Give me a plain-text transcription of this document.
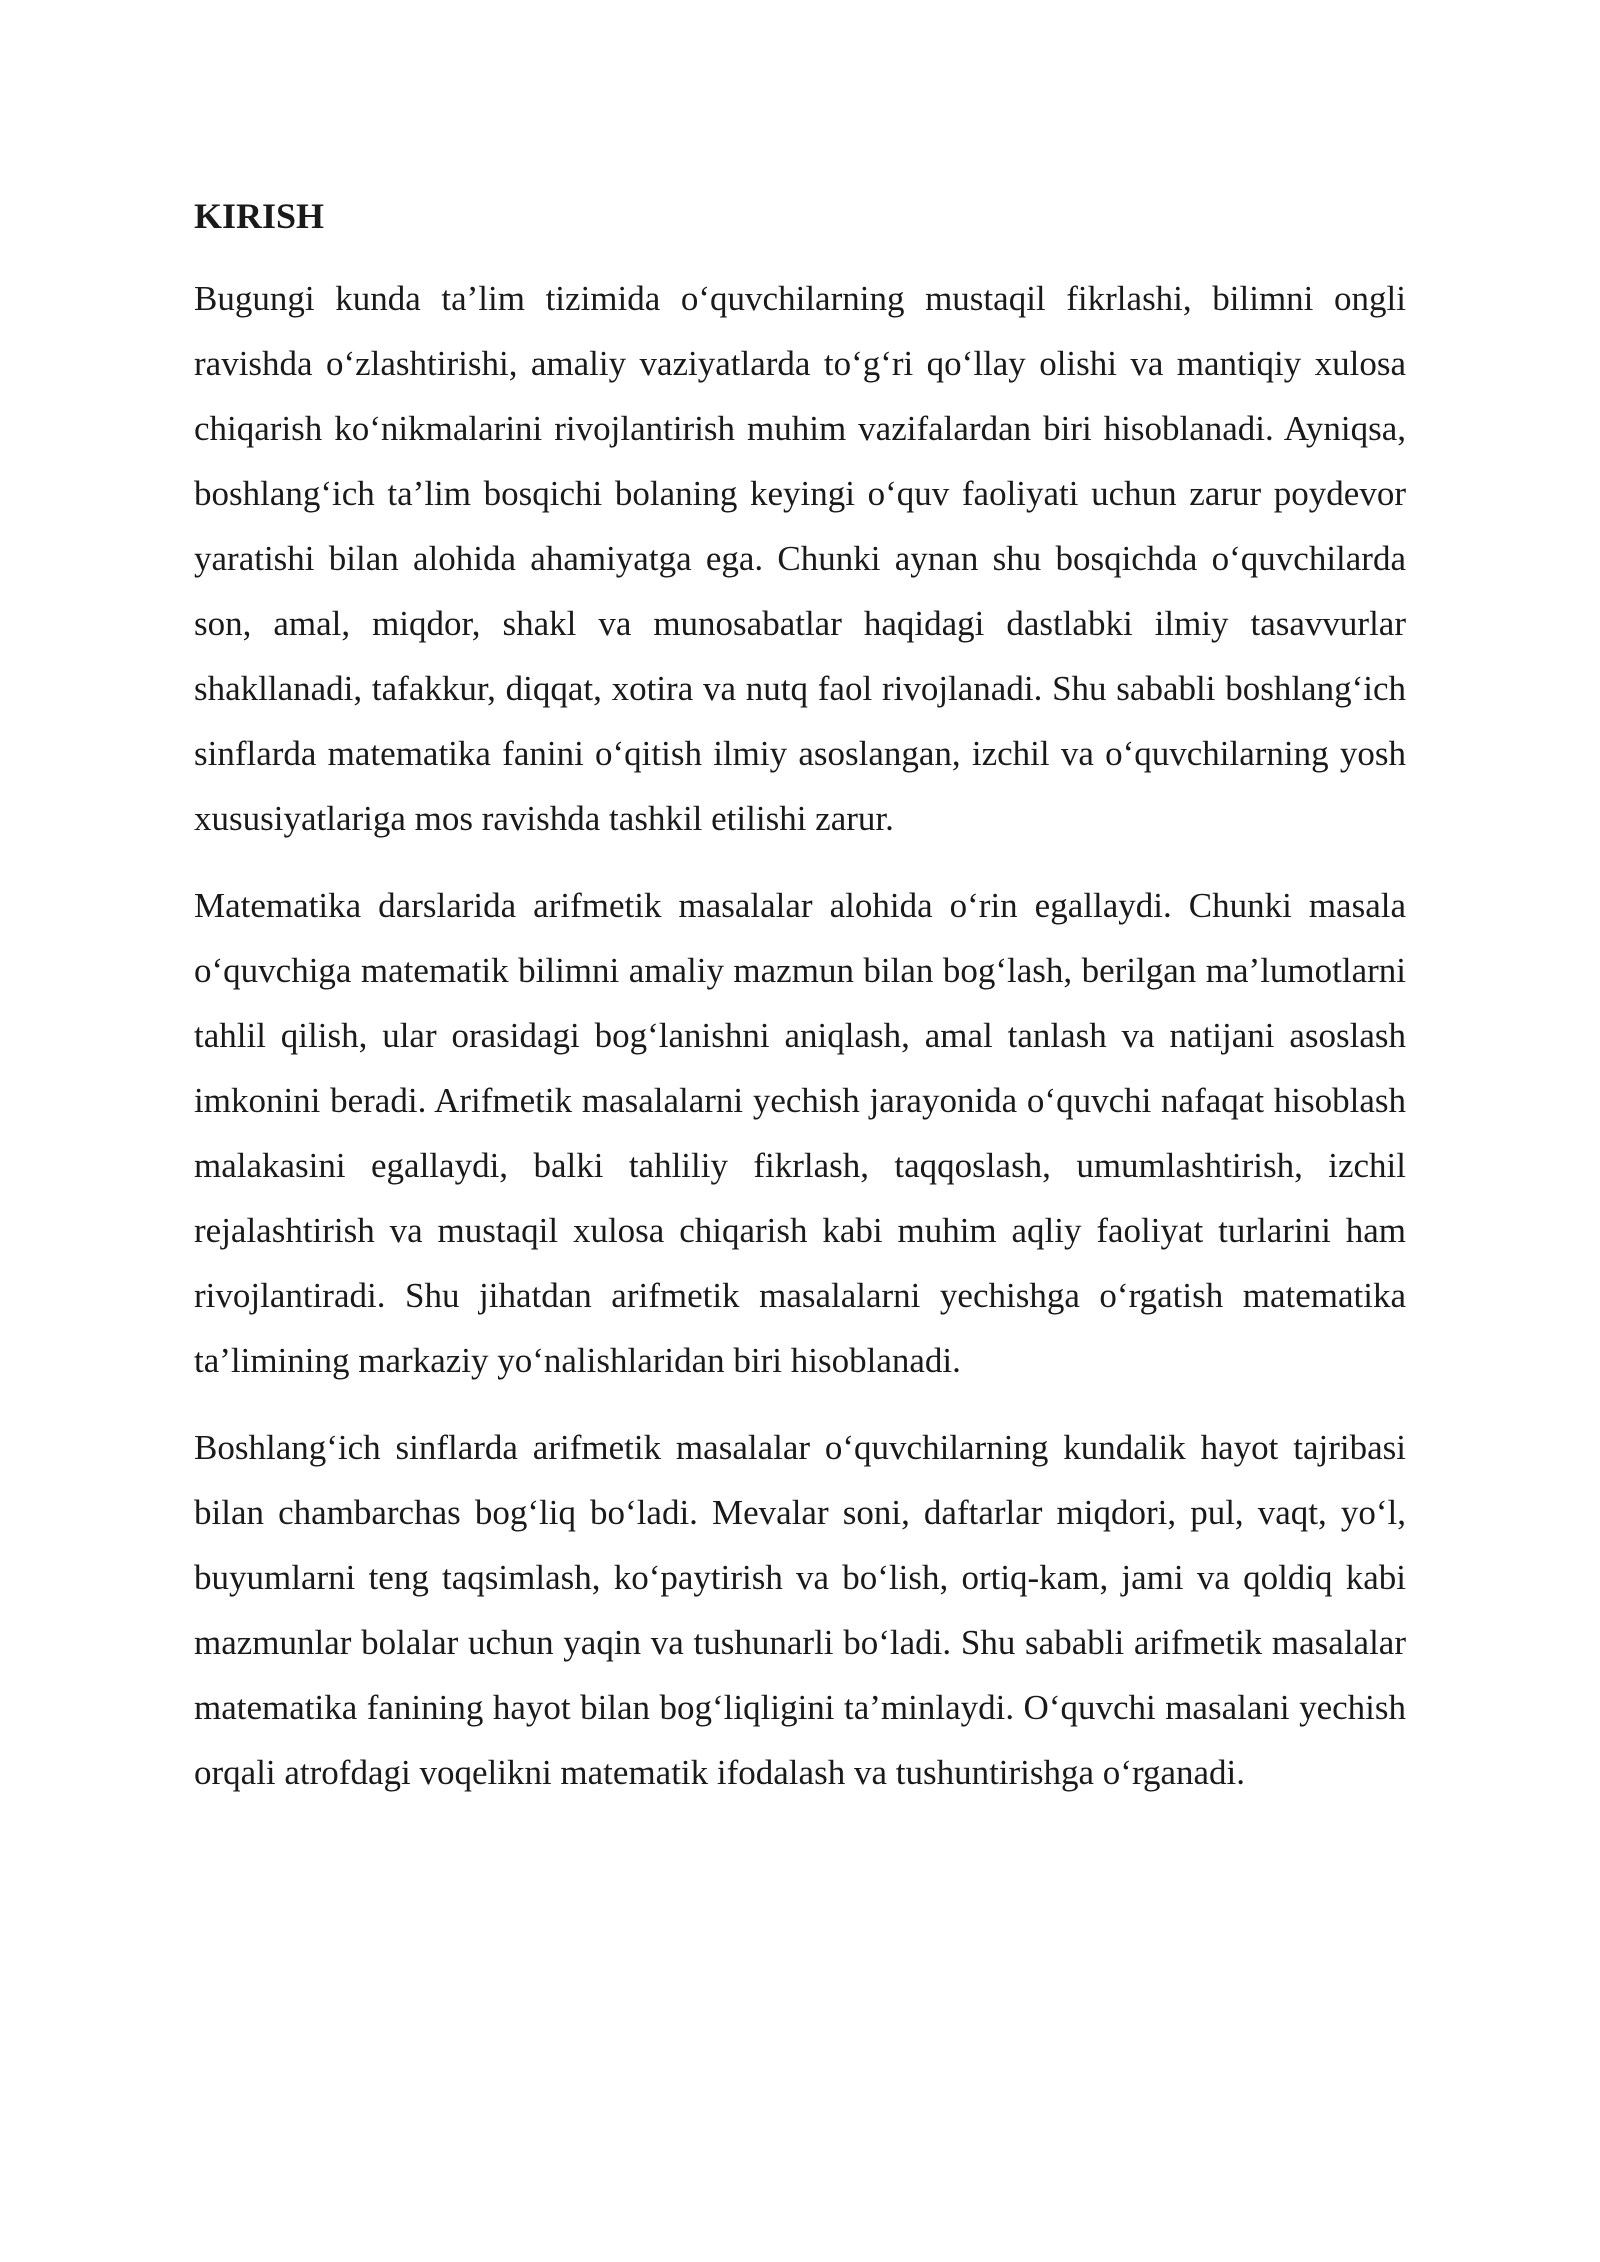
KIRISH

Bugungi kunda ta’lim tizimida o‘quvchilarning mustaqil fikrlashi, bilimni ongli ravishda o‘zlashtirishi, amaliy vaziyatlarda to‘g‘ri qo‘llay olishi va mantiqiy xulosa chiqarish ko‘nikmalarini rivojlantirish muhim vazifalardan biri hisoblanadi. Ayniqsa, boshlang‘ich ta’lim bosqichi bolaning keyingi o‘quv faoliyati uchun zarur poydevor yaratishi bilan alohida ahamiyatga ega. Chunki aynan shu bosqichda o‘quvchilarda son, amal, miqdor, shakl va munosabatlar haqidagi dastlabki ilmiy tasavvurlar shakllanadi, tafakkur, diqqat, xotira va nutq faol rivojlanadi. Shu sababli boshlang‘ich sinflarda matematika fanini o‘qitish ilmiy asoslangan, izchil va o‘quvchilarning yosh xususiyatlariga mos ravishda tashkil etilishi zarur.

Matematika darslarida arifmetik masalalar alohida o‘rin egallaydi. Chunki masala o‘quvchiga matematik bilimni amaliy mazmun bilan bog‘lash, berilgan ma’lumotlarni tahlil qilish, ular orasidagi bog‘lanishni aniqlash, amal tanlash va natijani asoslash imkonini beradi. Arifmetik masalalarni yechish jarayonida o‘quvchi nafaqat hisoblash malakasini egallaydi, balki tahliliy fikrlash, taqqoslash, umumlashtirish, izchil rejalashtirish va mustaqil xulosa chiqarish kabi muhim aqliy faoliyat turlarini ham rivojlantiradi. Shu jihatdan arifmetik masalalarni yechishga o‘rgatish matematika ta’limining markaziy yo‘nalishlaridan biri hisoblanadi.

Boshlang‘ich sinflarda arifmetik masalalar o‘quvchilarning kundalik hayot tajribasi bilan chambarchas bog‘liq bo‘ladi. Mevalar soni, daftarlar miqdori, pul, vaqt, yo‘l, buyumlarni teng taqsimlash, ko‘paytirish va bo‘lish, ortiq-kam, jami va qoldiq kabi mazmunlar bolalar uchun yaqin va tushunarli bo‘ladi. Shu sababli arifmetik masalalar matematika fanining hayot bilan bog‘liqligini ta’minlaydi. O‘quvchi masalani yechish orqali atrofdagi voqelikni matematik ifodalash va tushuntirishga o‘rganadi.
